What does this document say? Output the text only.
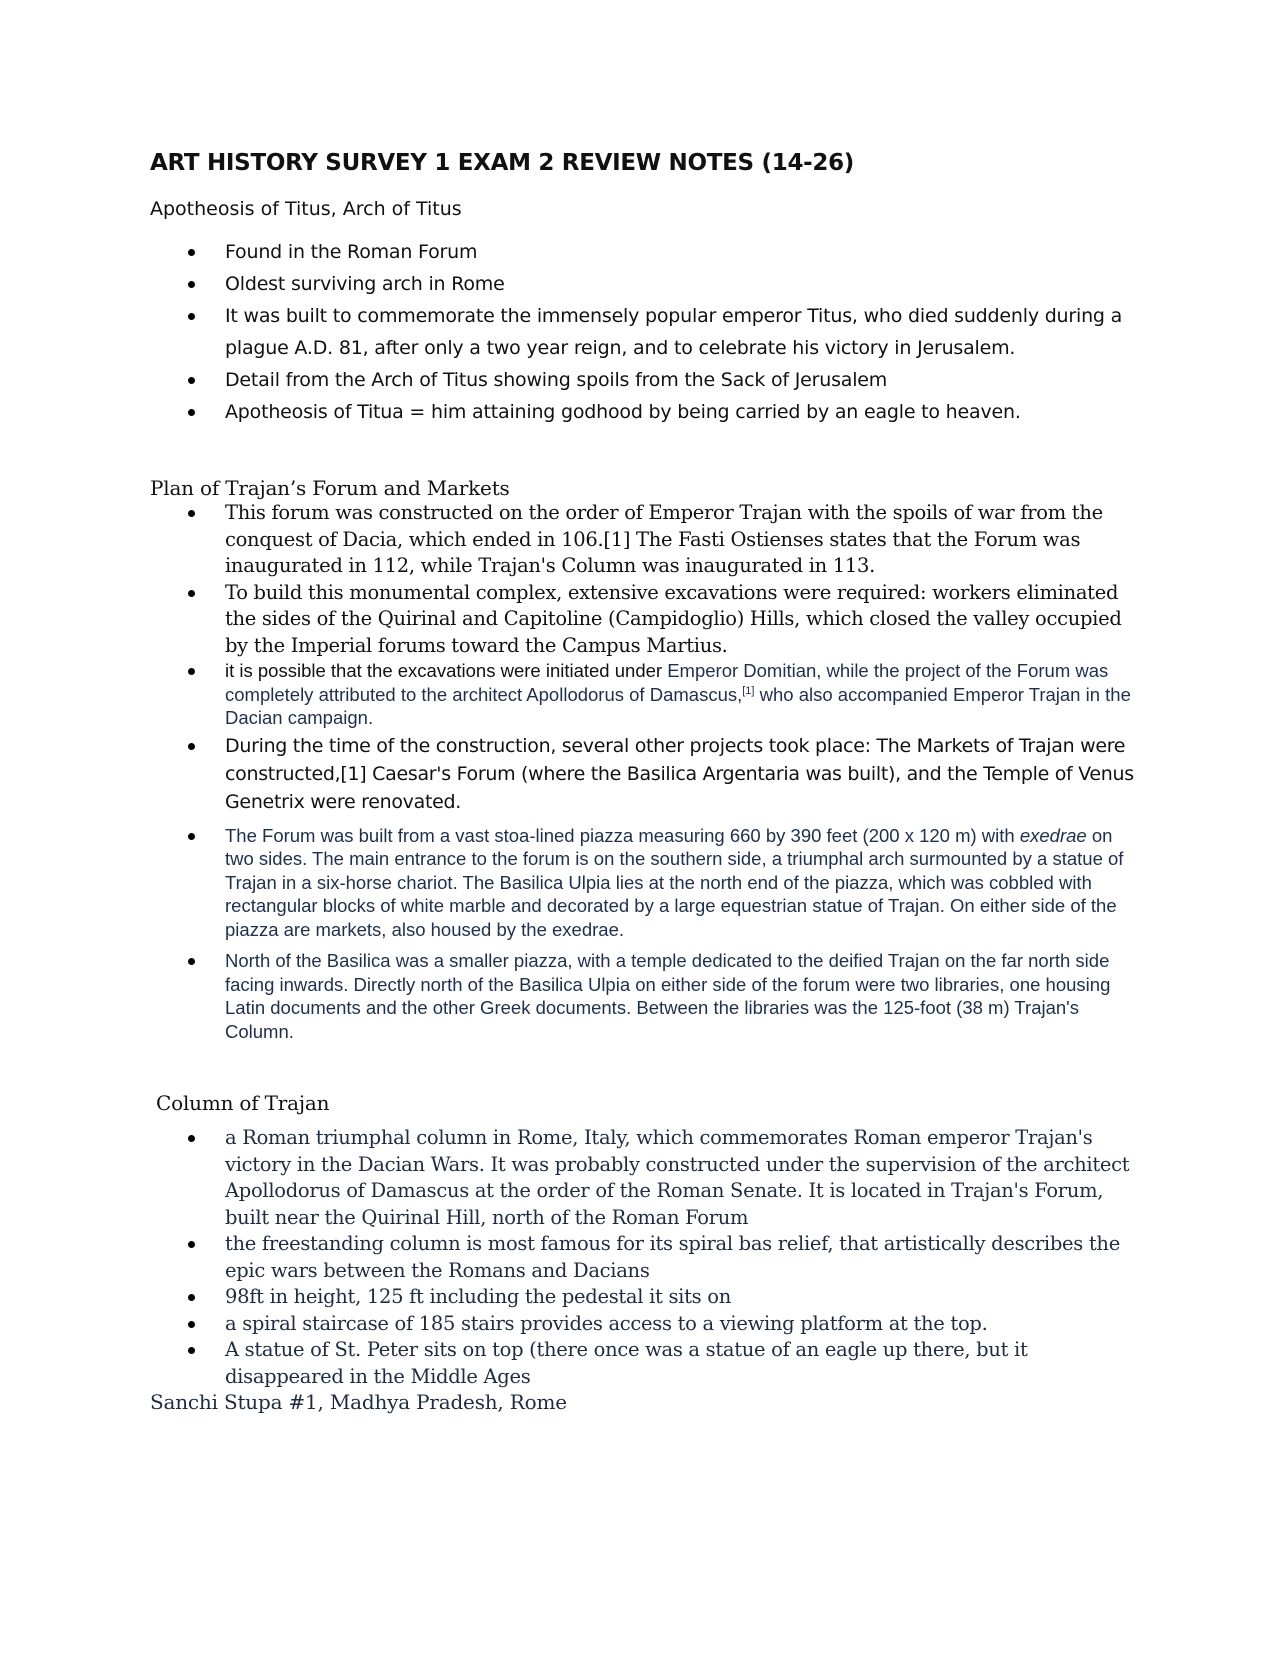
ART HISTORY SURVEY 1 EXAM 2 REVIEW NOTES (14-26)

Apotheosis of Titus, Arch of Titus

Found in the Roman Forum
Oldest surviving arch in Rome
It was built to commemorate the immensely popular emperor Titus, who died suddenly during a plague A.D. 81, after only a two year reign, and to celebrate his victory in Jerusalem.
Detail from the Arch of Titus showing spoils from the Sack of Jerusalem
Apotheosis of Titua = him attaining godhood by being carried by an eagle to heaven.

Plan of Trajan’s Forum and Markets

This forum was constructed on the order of Emperor Trajan with the spoils of war from the conquest of Dacia, which ended in 106.[1] The Fasti Ostienses states that the Forum was inaugurated in 112, while Trajan's Column was inaugurated in 113.
To build this monumental complex, extensive excavations were required: workers eliminated the sides of the Quirinal and Capitoline (Campidoglio) Hills, which closed the valley occupied by the Imperial forums toward the Campus Martius.
it is possible that the excavations were initiated under Emperor Domitian, while the project of the Forum was completely attributed to the architect Apollodorus of Damascus,[1] who also accompanied Emperor Trajan in the Dacian campaign.
During the time of the construction, several other projects took place: The Markets of Trajan were constructed,[1] Caesar's Forum (where the Basilica Argentaria was built), and the Temple of Venus Genetrix were renovated.
The Forum was built from a vast stoa-lined piazza measuring 660 by 390 feet (200 x 120 m) with exedrae on two sides. The main entrance to the forum is on the southern side, a triumphal arch surmounted by a statue of Trajan in a six-horse chariot. The Basilica Ulpia lies at the north end of the piazza, which was cobbled with rectangular blocks of white marble and decorated by a large equestrian statue of Trajan. On either side of the piazza are markets, also housed by the exedrae.
North of the Basilica was a smaller piazza, with a temple dedicated to the deified Trajan on the far north side facing inwards. Directly north of the Basilica Ulpia on either side of the forum were two libraries, one housing Latin documents and the other Greek documents. Between the libraries was the 125-foot (38 m) Trajan's Column.

Column of Trajan

a Roman triumphal column in Rome, Italy, which commemorates Roman emperor Trajan's victory in the Dacian Wars. It was probably constructed under the supervision of the architect Apollodorus of Damascus at the order of the Roman Senate. It is located in Trajan's Forum, built near the Quirinal Hill, north of the Roman Forum
the freestanding column is most famous for its spiral bas relief, that artistically describes the epic wars between the Romans and Dacians
98ft in height, 125 ft including the pedestal it sits on
a spiral staircase of 185 stairs provides access to a viewing platform at the top.
A statue of St. Peter sits on top (there once was a statue of an eagle up there, but it disappeared in the Middle Ages

Sanchi Stupa #1, Madhya Pradesh, Rome
